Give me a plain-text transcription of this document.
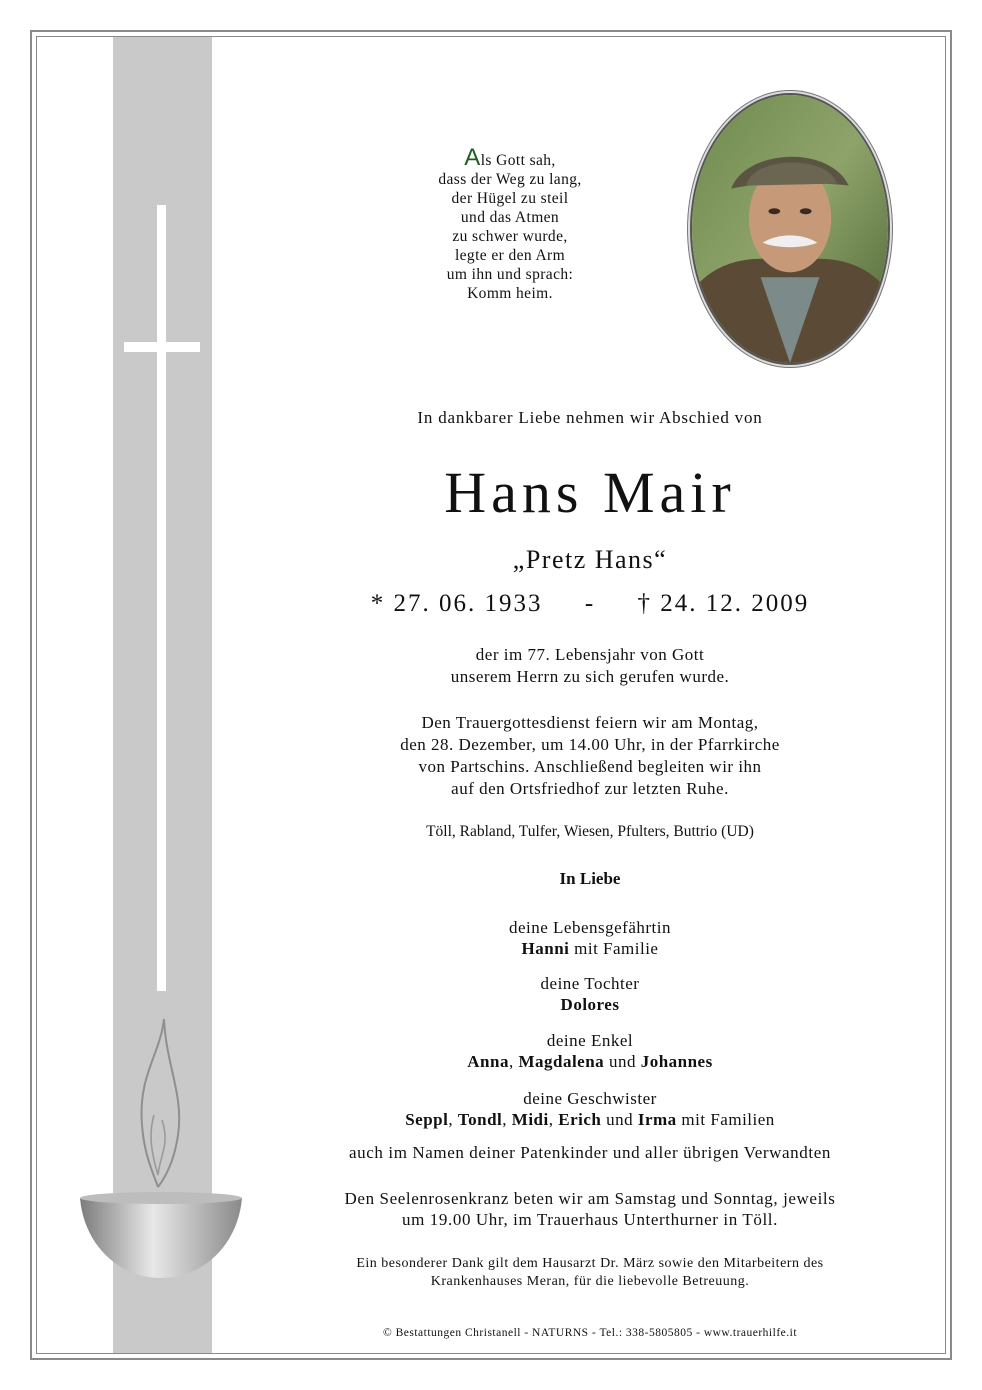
Als Gott sah,
dass der Weg zu lang,
der Hügel zu steil
und das Atmen
zu schwer wurde,
legte er den Arm
um ihn und sprach:
Komm heim.
In dankbarer Liebe nehmen wir Abschied von
Hans Mair
„Pretz Hans“
* 27. 06. 1933 - † 24. 12. 2009
der im 77. Lebensjahr von Gott
unserem Herrn zu sich gerufen wurde.
Den Trauergottesdienst feiern wir am Montag,
den 28. Dezember, um 14.00 Uhr, in der Pfarrkirche
von Partschins. Anschließend begleiten wir ihn
auf den Ortsfriedhof zur letzten Ruhe.
Töll, Rabland, Tulfer, Wiesen, Pfulters, Buttrio (UD)
In Liebe
deine Lebensgefährtin
Hanni mit Familie
deine Tochter
Dolores
deine Enkel
Anna, Magdalena und Johannes
deine Geschwister
Seppl, Tondl, Midi, Erich und Irma mit Familien
auch im Namen deiner Patenkinder und aller übrigen Verwandten
Den Seelenrosenkranz beten wir am Samstag und Sonntag, jeweils
um 19.00 Uhr, im Trauerhaus Unterthurner in Töll.
Ein besonderer Dank gilt dem Hausarzt Dr. März sowie den Mitarbeitern des
Krankenhauses Meran, für die liebevolle Betreuung.
© Bestattungen Christanell - NATURNS - Tel.: 338-5805805 - www.trauerhilfe.it
